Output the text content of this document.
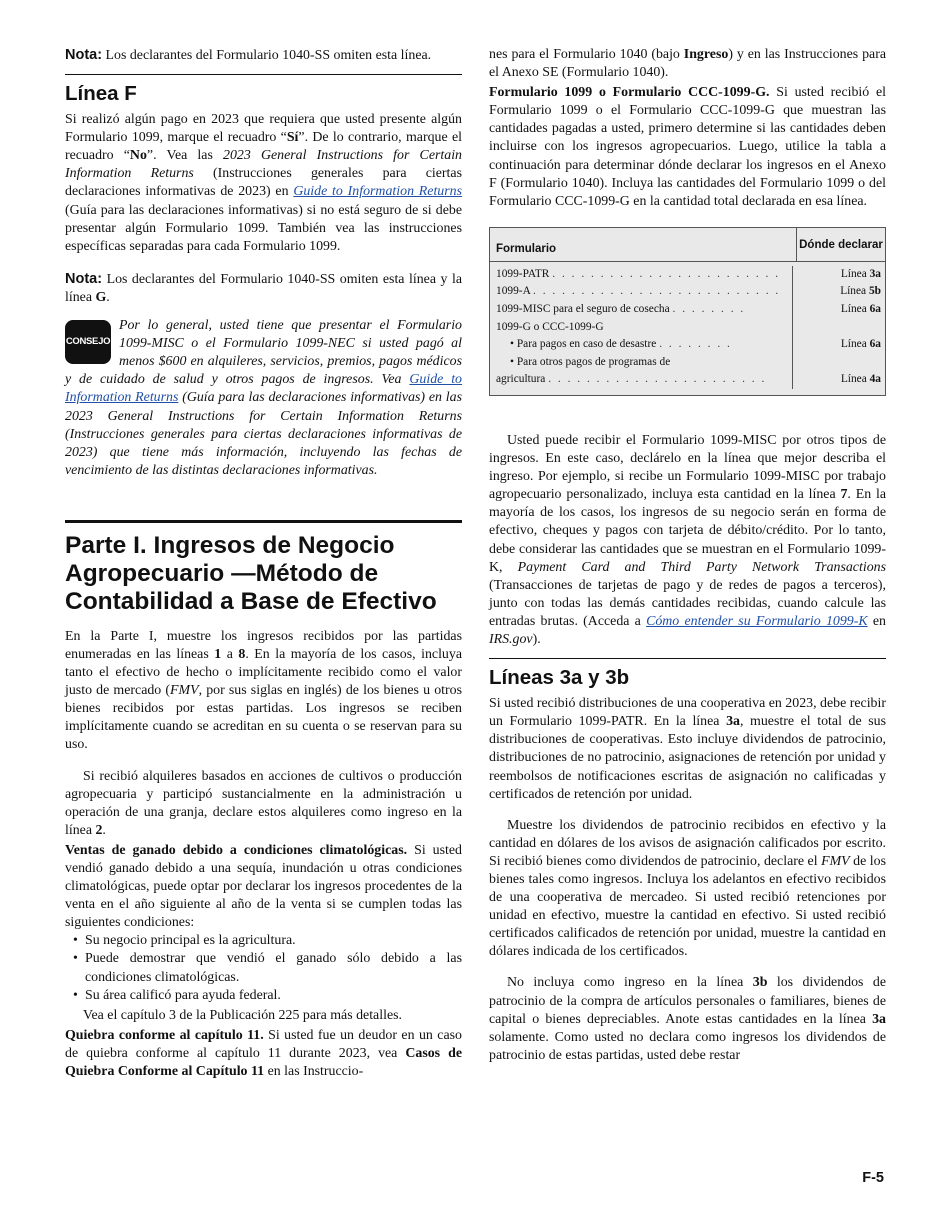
Nota: Los declarantes del Formulario 1040-SS omiten esta línea.

Línea F

Si realizó algún pago en 2023 que requiera que usted presente algún Formulario 1099, marque el recuadro “Sí”. De lo contrario, marque el recuadro “No”. Vea las 2023 General Instructions for Certain Information Returns (Instrucciones generales para ciertas declaraciones informativas de 2023) en Guide to Information Returns (Guía para las declaraciones informativas) si no está seguro de si debe presentar algún Formulario 1099. También vea las instrucciones específicas separadas para cada Formulario 1099.

Nota: Los declarantes del Formulario 1040-SS omiten esta línea y la línea G.

CONSEJO
Por lo general, usted tiene que presentar el Formulario 1099-MISC o el Formulario 1099-NEC si usted pagó al menos $600 en alquileres, servicios, premios, pagos médicos y de cuidado de salud y otros pagos de ingresos. Vea Guide to Information Returns (Guía para las declaraciones informativas) en las 2023 General Instructions for Certain Information Returns (Instrucciones generales para ciertas declaraciones informativas de 2023) que tiene más información, incluyendo las fechas de vencimiento de las distintas declaraciones informativas.
Parte I. Ingresos de Negocio Agropecuario —Método de Contabilidad a Base de Efectivo

En la Parte I, muestre los ingresos recibidos por las partidas enumeradas en las líneas 1 a 8. En la mayoría de los casos, incluya tanto el efectivo de hecho o implícitamente recibido como el valor justo de mercado (FMV, por sus siglas en inglés) de los bienes u otros bienes recibidos por estas partidas. Los ingresos se reciben implícitamente cuando se acreditan en su cuenta o se reservan para su uso.

Si recibió alquileres basados en acciones de cultivos o producción agropecuaria y participó sustancialmente en la administración u operación de una granja, declare estos alquileres como ingreso en la línea 2.

Ventas de ganado debido a condiciones climatológicas. Si usted vendió ganado debido a una sequía, inundación u otras condiciones climatológicas, puede optar por declarar los ingresos procedentes de la venta en el año siguiente al año de la venta si se cumplen todas las siguientes condiciones:

• Su negocio principal es la agricultura.
• Puede demostrar que vendió el ganado sólo debido a las condiciones climatológicas.
• Su área calificó para ayuda federal.

Vea el capítulo 3 de la Publicación 225 para más detalles.

Quiebra conforme al capítulo 11. Si usted fue un deudor en un caso de quiebra conforme al capítulo 11 durante 2023, vea Casos de Quiebra Conforme al Capítulo 11 en las Instruccio-

nes para el Formulario 1040 (bajo Ingreso) y en las Instrucciones para el Anexo SE (Formulario 1040).

Formulario 1099 o Formulario CCC-1099-G. Si usted recibió el Formulario 1099 o el Formulario CCC-1099-G que muestran las cantidades pagadas a usted, primero determine si las cantidades deben incluirse con los ingresos agropecuarios. Luego, utilice la tabla a continuación para determinar dónde declarar los ingresos en el Anexo F (Formulario 1040). Incluya las cantidades del Formulario 1099 o del Formulario CCC-1099-G en la cantidad total declarada en esa línea.

Formulario	Dónde declarar
1099-PATR . . . . . . . . . . . . . . . . . . . . . . . .
1099-A . . . . . . . . . . . . . . . . . . . . . . . . . .
1099-MISC para el seguro de cosecha . . . . . . . .
1099-G o CCC-1099-G
• Para pagos en caso de desastre . . . . . . . .
• Para otros pagos de programas de
agricultura . . . . . . . . . . . . . . . . . . . . . . .
Línea 3a
Línea 5b
Línea 6a

Línea 6a

Línea 4a

Usted puede recibir el Formulario 1099-MISC por otros tipos de ingresos. En este caso, declárelo en la línea que mejor describa el ingreso. Por ejemplo, si recibe un Formulario 1099-MISC por trabajo agropecuario personalizado, incluya esta cantidad en la línea 7. En la mayoría de los casos, los ingresos de su negocio serán en forma de efectivo, cheques y pagos con tarjeta de débito/crédito. Por lo tanto, debe considerar las cantidades que se muestran en el Formulario 1099-K, Payment Card and Third Party Network Transactions (Transacciones de tarjetas de pago y de redes de pagos a terceros), junto con todas las demás cantidades recibidas, cuando calcule las entradas brutas. (Acceda a Cómo entender su Formulario 1099-K en IRS.gov).

Líneas 3a y 3b

Si usted recibió distribuciones de una cooperativa en 2023, debe recibir un Formulario 1099-PATR. En la línea 3a, muestre el total de sus distribuciones de cooperativas. Esto incluye dividendos de patrocinio, distribuciones de no patrocinio, asignaciones de retención por unidad y reembolsos de notificaciones escritas de asignación no calificadas y certificados de retención por unidad.

Muestre los dividendos de patrocinio recibidos en efectivo y la cantidad en dólares de los avisos de asignación calificados por escrito. Si recibió bienes como dividendos de patrocinio, declare el FMV de los bienes tales como ingresos. Incluya los adelantos en efectivo recibidos de una cooperativa de mercadeo. Si usted recibió retenciones por unidad en efectivo, muestre la cantidad en efectivo. Si usted recibió certificados calificados de retención por unidad, muestre la cantidad en dólares indicada de los certificados.

No incluya como ingreso en la línea 3b los dividendos de patrocinio de la compra de artículos personales o familiares, bienes de capital o bienes depreciables. Anote estas cantidades en la línea 3a solamente. Como usted no declara como ingresos los dividendos de patrocinio de estas partidas, usted debe restar

F-5
